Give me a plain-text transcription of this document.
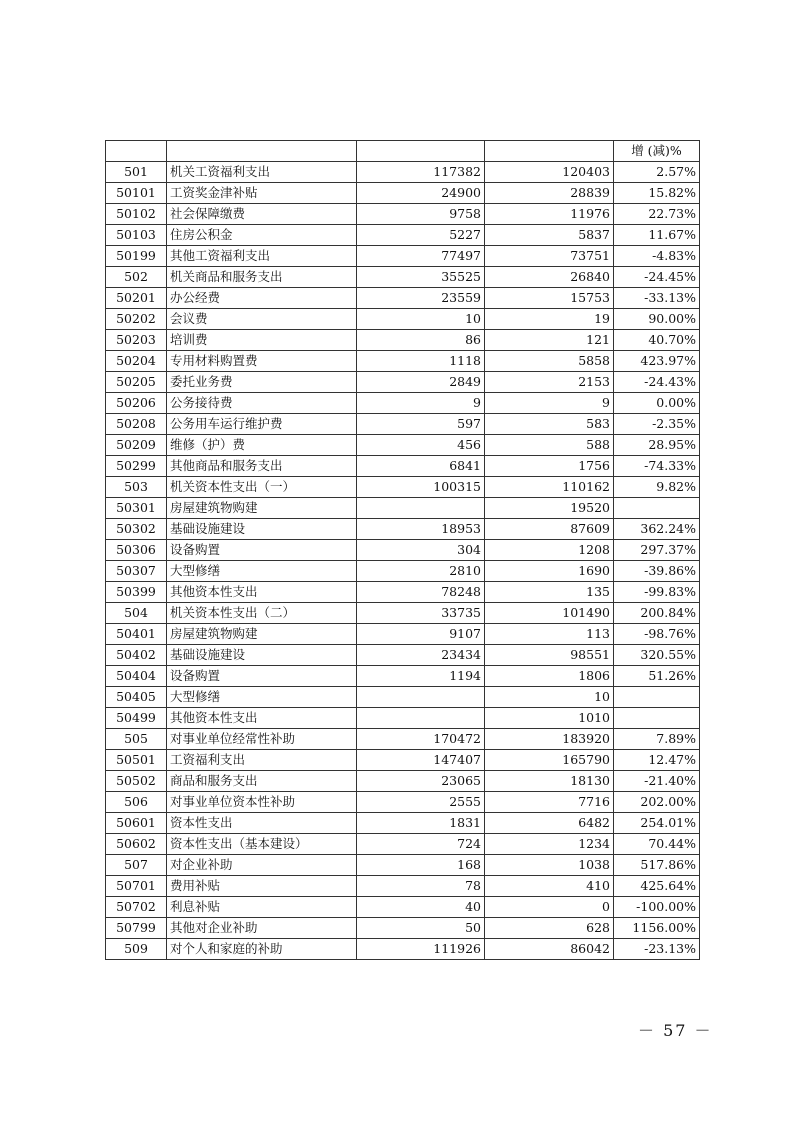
				增 (减)%
501	机关工资福利支出	117382	120403	2.57%
50101	工资奖金津补贴	24900	28839	15.82%
50102	社会保障缴费	9758	11976	22.73%
50103	住房公积金	5227	5837	11.67%
50199	其他工资福利支出	77497	73751	-4.83%
502	机关商品和服务支出	35525	26840	-24.45%
50201	办公经费	23559	15753	-33.13%
50202	会议费	10	19	90.00%
50203	培训费	86	121	40.70%
50204	专用材料购置费	1118	5858	423.97%
50205	委托业务费	2849	2153	-24.43%
50206	公务接待费	9	9	0.00%
50208	公务用车运行维护费	597	583	-2.35%
50209	维修（护）费	456	588	28.95%
50299	其他商品和服务支出	6841	1756	-74.33%
503	机关资本性支出（一）	100315	110162	9.82%
50301	房屋建筑物购建		19520	
50302	基础设施建设	18953	87609	362.24%
50306	设备购置	304	1208	297.37%
50307	大型修缮	2810	1690	-39.86%
50399	其他资本性支出	78248	135	-99.83%
504	机关资本性支出（二）	33735	101490	200.84%
50401	房屋建筑物购建	9107	113	-98.76%
50402	基础设施建设	23434	98551	320.55%
50404	设备购置	1194	1806	51.26%
50405	大型修缮		10	
50499	其他资本性支出		1010	
505	对事业单位经常性补助	170472	183920	7.89%
50501	工资福利支出	147407	165790	12.47%
50502	商品和服务支出	23065	18130	-21.40%
506	对事业单位资本性补助	2555	7716	202.00%
50601	资本性支出	1831	6482	254.01%
50602	资本性支出（基本建设）	724	1234	70.44%
507	对企业补助	168	1038	517.86%
50701	费用补贴	78	410	425.64%
50702	利息补贴	40	0	-100.00%
50799	其他对企业补助	50	628	1156.00%
509	对个人和家庭的补助	111926	86042	-23.13%
－ 57 －
